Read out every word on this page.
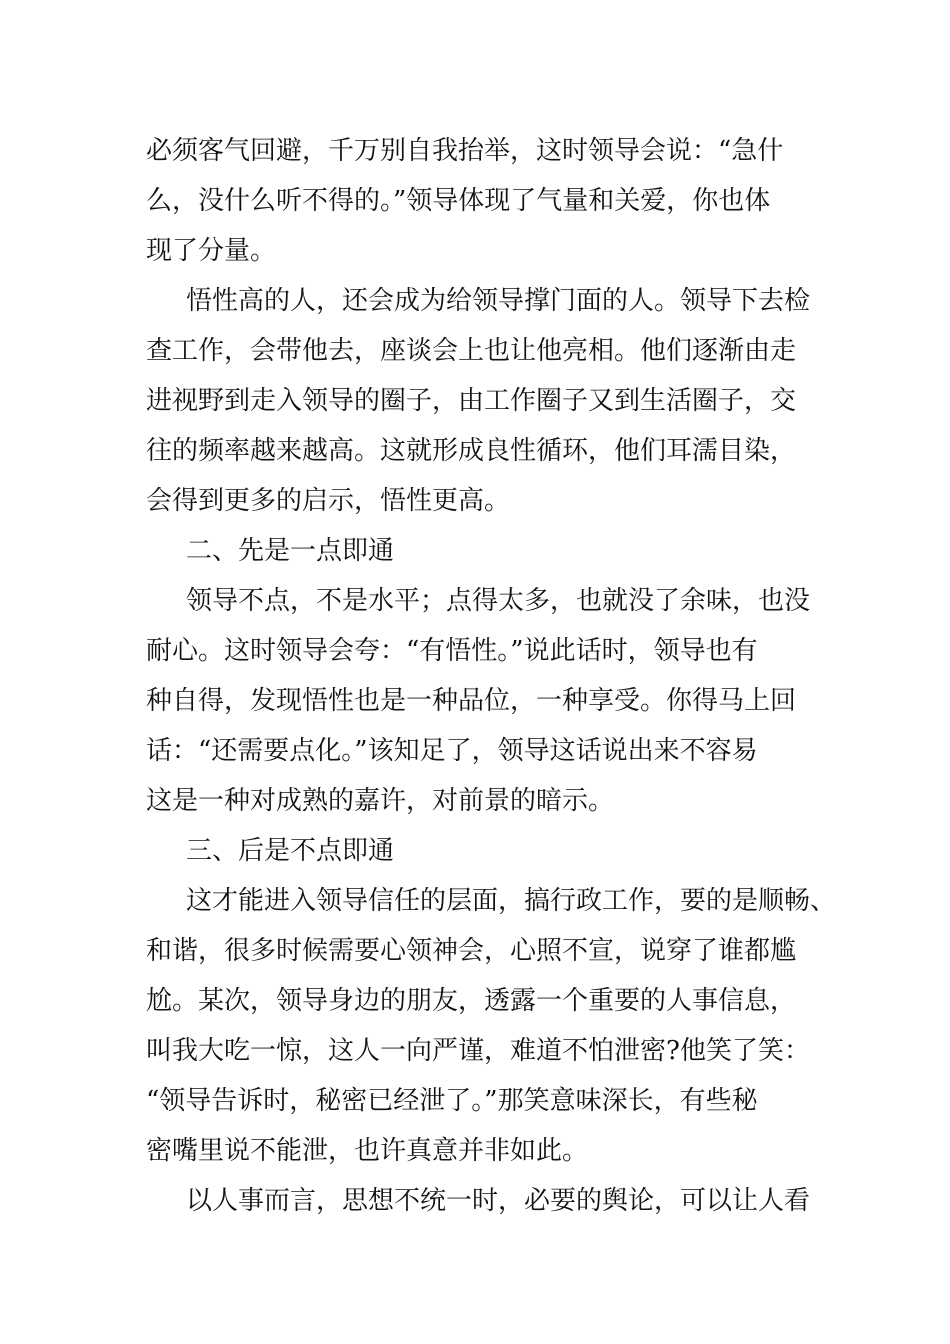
必须客气回避，千万别自我抬举，这时领导会说：“急什
么，没什么听不得的。”领导体现了气量和关爱，你也体
现了分量。
悟性高的人，还会成为给领导撑门面的人。领导下去检
查工作，会带他去，座谈会上也让他亮相。他们逐渐由走
进视野到走入领导的圈子，由工作圈子又到生活圈子，交
往的频率越来越高。这就形成良性循环，他们耳濡目染，
会得到更多的启示，悟性更高。
二、先是一点即通
领导不点，不是水平；点得太多，也就没了余味，也没
耐心。这时领导会夸：“有悟性。”说此话时，领导也有
种自得，发现悟性也是一种品位，一种享受。你得马上回
话：“还需要点化。”该知足了，领导这话说出来不容易
这是一种对成熟的嘉许，对前景的暗示。
三、后是不点即通
这才能进入领导信任的层面，搞行政工作，要的是顺畅、
和谐，很多时候需要心领神会，心照不宣，说穿了谁都尴
尬。某次，领导身边的朋友，透露一个重要的人事信息，
叫我大吃一惊，这人一向严谨，难道不怕泄密?他笑了笑：
“领导告诉时，秘密已经泄了。”那笑意味深长，有些秘
密嘴里说不能泄，也许真意并非如此。
以人事而言，思想不统一时，必要的舆论，可以让人看
